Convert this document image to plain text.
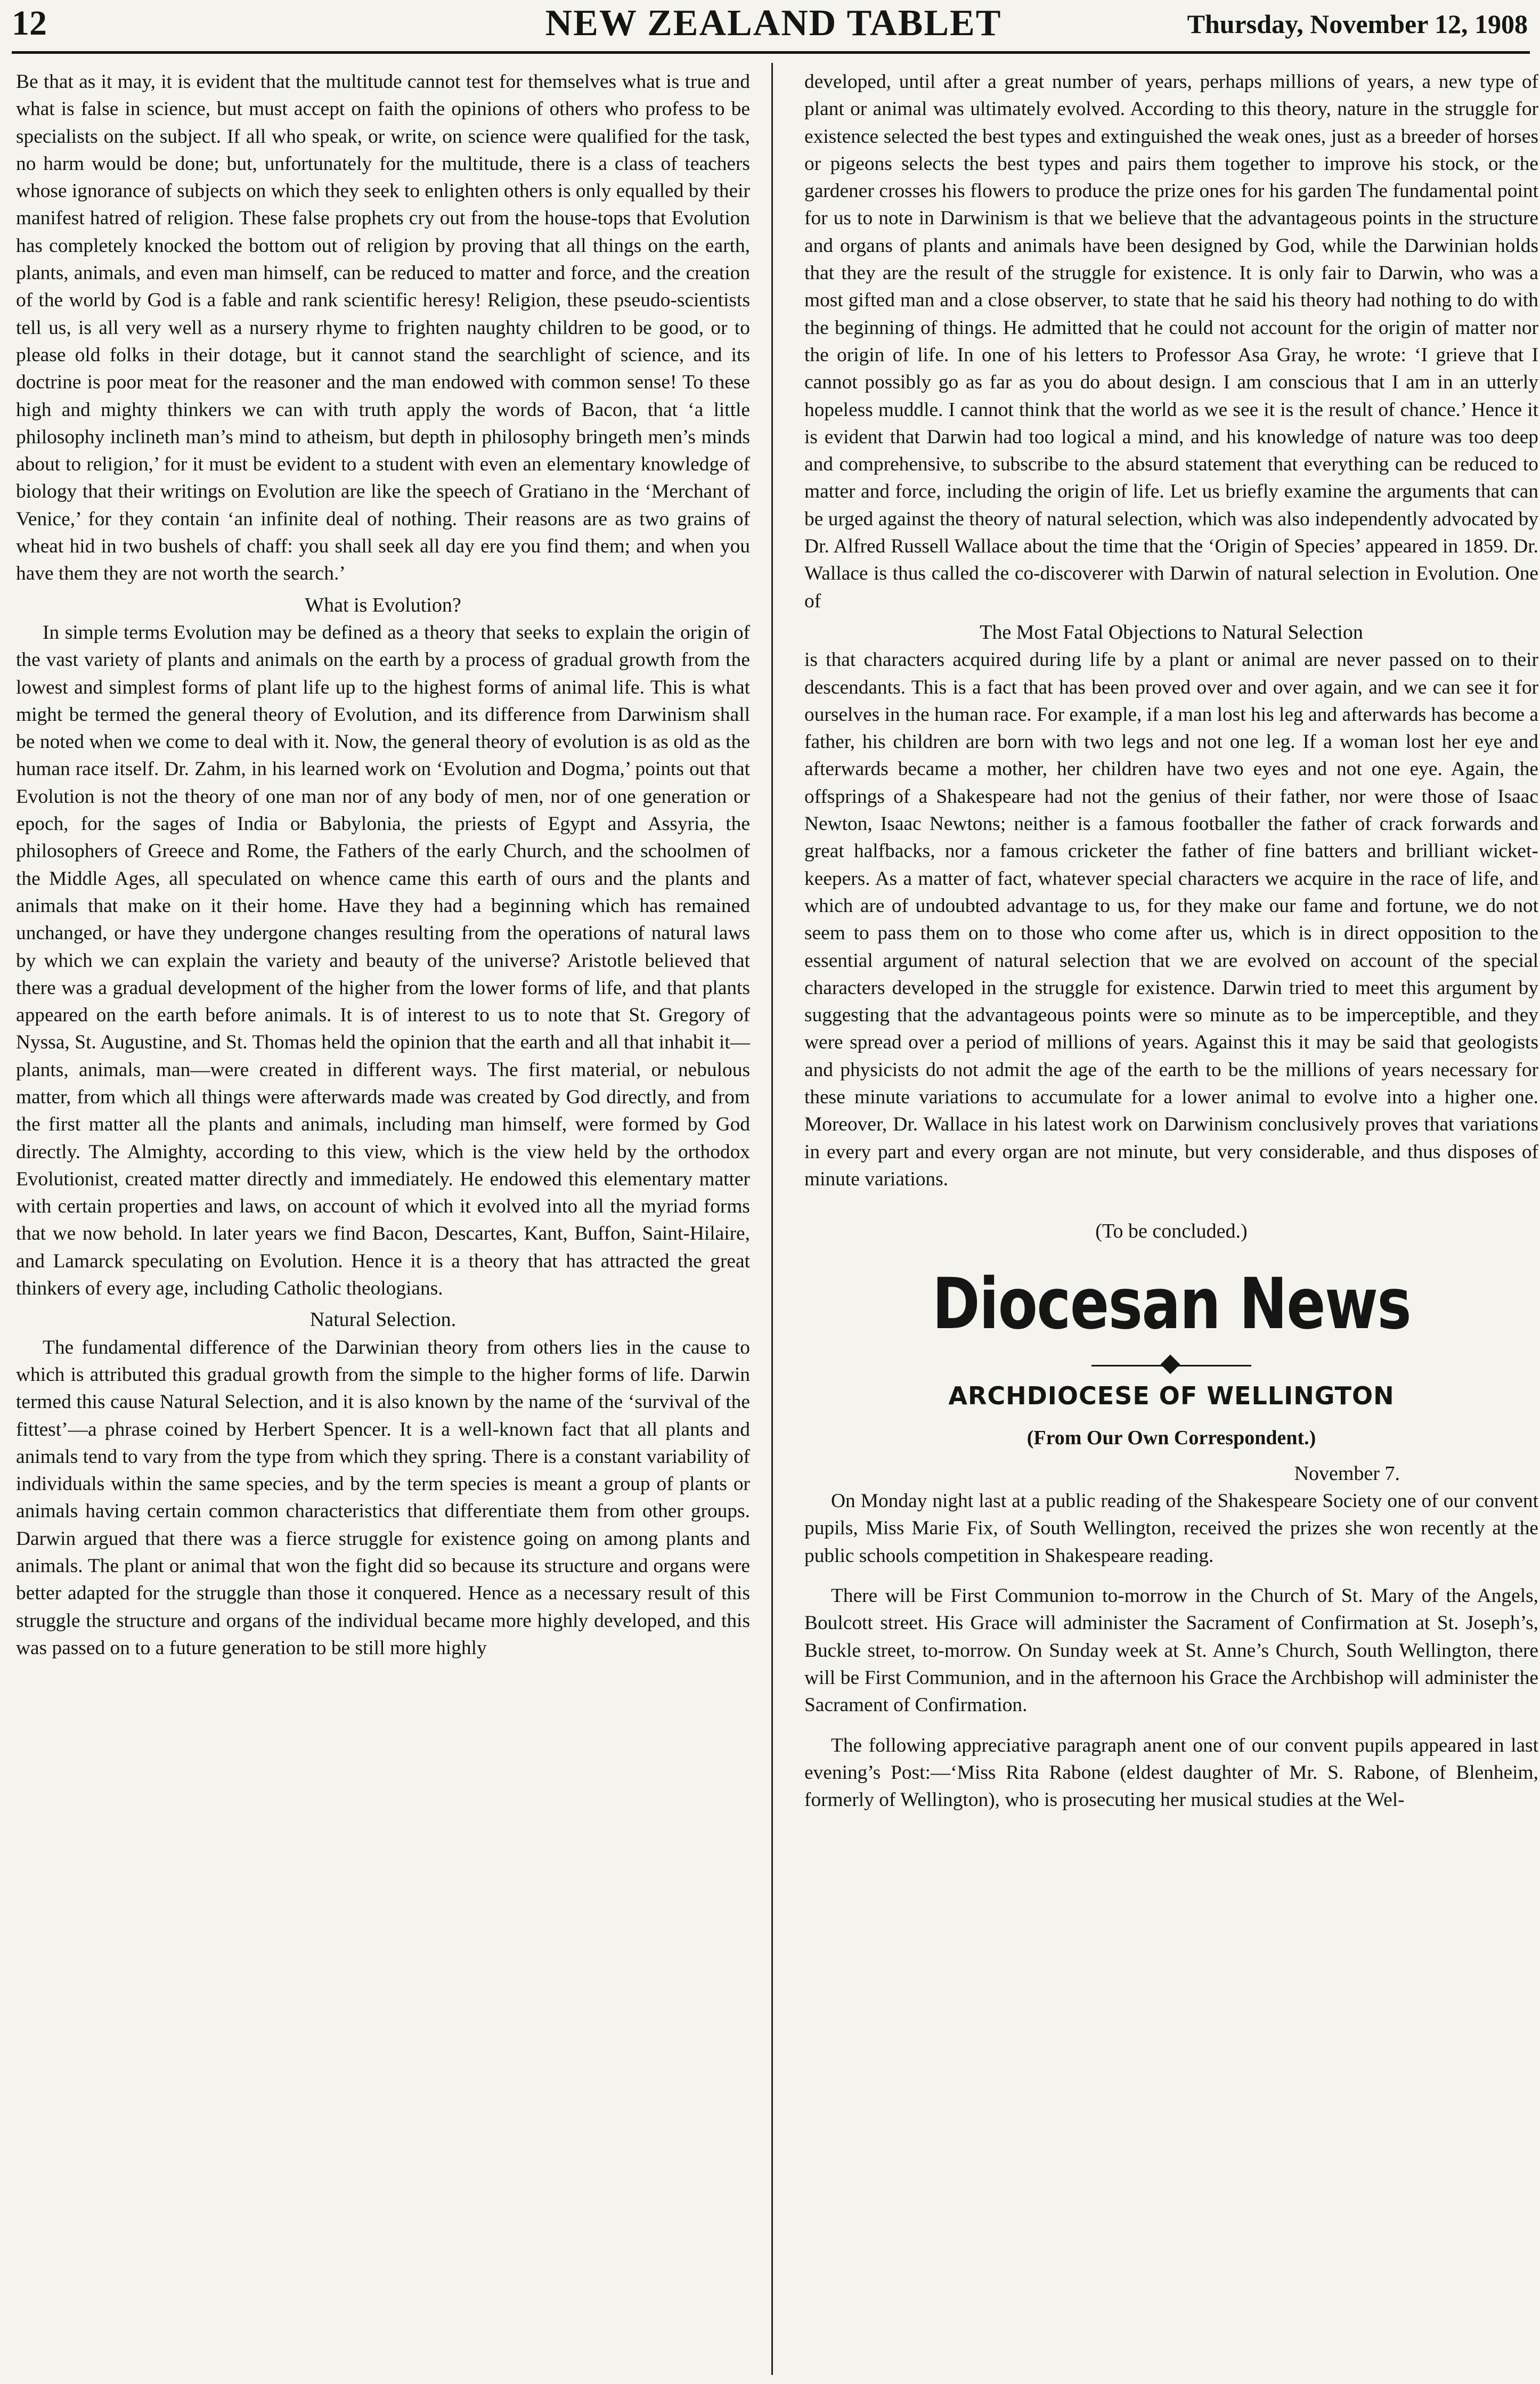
12	NEW ZEALAND TABLET	Thursday, November 12, 1908

Be that as it may, it is evident that the multitude cannot test for themselves what is true and what is false in science, but must accept on faith the opinions of others who profess to be specialists on the subject. If all who speak, or write, on science were qualified for the task, no harm would be done; but, unfortunately for the multitude, there is a class of teachers whose ignorance of subjects on which they seek to enlighten others is only equalled by their manifest hatred of religion. These false prophets cry out from the house-tops that Evolution has completely knocked the bottom out of religion by proving that all things on the earth, plants, animals, and even man himself, can be reduced to matter and force, and the creation of the world by God is a fable and rank scientific heresy! Religion, these pseudo-scientists tell us, is all very well as a nursery rhyme to frighten naughty children to be good, or to please old folks in their dotage, but it cannot stand the searchlight of science, and its doctrine is poor meat for the reasoner and the man endowed with common sense! To these high and mighty thinkers we can with truth apply the words of Bacon, that ‘a little philosophy inclineth man’s mind to atheism, but depth in philosophy bringeth men’s minds about to religion,’ for it must be evident to a student with even an elementary knowledge of biology that their writings on Evolution are like the speech of Gratiano in the ‘Merchant of Venice,’ for they contain ‘an infinite deal of nothing. Their reasons are as two grains of wheat hid in two bushels of chaff: you shall seek all day ere you find them; and when you have them they are not worth the search.’

What is Evolution?

In simple terms Evolution may be defined as a theory that seeks to explain the origin of the vast variety of plants and animals on the earth by a process of gradual growth from the lowest and simplest forms of plant life up to the highest forms of animal life. This is what might be termed the general theory of Evolution, and its difference from Darwinism shall be noted when we come to deal with it. Now, the general theory of evolution is as old as the human race itself. Dr. Zahm, in his learned work on ‘Evolution and Dogma,’ points out that Evolution is not the theory of one man nor of any body of men, nor of one generation or epoch, for the sages of India or Babylonia, the priests of Egypt and Assyria, the philosophers of Greece and Rome, the Fathers of the early Church, and the schoolmen of the Middle Ages, all speculated on whence came this earth of ours and the plants and animals that make on it their home. Have they had a beginning which has remained unchanged, or have they undergone changes resulting from the operations of natural laws by which we can explain the variety and beauty of the universe? Aristotle believed that there was a gradual development of the higher from the lower forms of life, and that plants appeared on the earth before animals. It is of interest to us to note that St. Gregory of Nyssa, St. Augustine, and St. Thomas held the opinion that the earth and all that inhabit it—plants, animals, man—were created in different ways. The first material, or nebulous matter, from which all things were afterwards made was created by God directly, and from the first matter all the plants and animals, including man himself, were formed by God directly. The Almighty, according to this view, which is the view held by the orthodox Evolutionist, created matter directly and immediately. He endowed this elementary matter with certain properties and laws, on account of which it evolved into all the myriad forms that we now behold. In later years we find Bacon, Descartes, Kant, Buffon, Saint-Hilaire, and Lamarck speculating on Evolution. Hence it is a theory that has attracted the great thinkers of every age, including Catholic theologians.

Natural Selection.

The fundamental difference of the Darwinian theory from others lies in the cause to which is attributed this gradual growth from the simple to the higher forms of life. Darwin termed this cause Natural Selection, and it is also known by the name of the ‘survival of the fittest’—a phrase coined by Herbert Spencer. It is a well-known fact that all plants and animals tend to vary from the type from which they spring. There is a constant variability of individuals within the same species, and by the term species is meant a group of plants or animals having certain common characteristics that differentiate them from other groups. Darwin argued that there was a fierce struggle for existence going on among plants and animals. The plant or animal that won the fight did so because its structure and organs were better adapted for the struggle than those it conquered. Hence as a necessary result of this struggle the structure and organs of the individual became more highly developed, and this was passed on to a future generation to be still more highly

developed, until after a great number of years, perhaps millions of years, a new type of plant or animal was ultimately evolved. According to this theory, nature in the struggle for existence selected the best types and extinguished the weak ones, just as a breeder of horses or pigeons selects the best types and pairs them together to improve his stock, or the gardener crosses his flowers to produce the prize ones for his garden The fundamental point for us to note in Darwinism is that we believe that the advantageous points in the structure and organs of plants and animals have been designed by God, while the Darwinian holds that they are the result of the struggle for existence. It is only fair to Darwin, who was a most gifted man and a close observer, to state that he said his theory had nothing to do with the beginning of things. He admitted that he could not account for the origin of matter nor the origin of life. In one of his letters to Professor Asa Gray, he wrote: ‘I grieve that I cannot possibly go as far as you do about design. I am conscious that I am in an utterly hopeless muddle. I cannot think that the world as we see it is the result of chance.’ Hence it is evident that Darwin had too logical a mind, and his knowledge of nature was too deep and comprehensive, to subscribe to the absurd statement that everything can be reduced to matter and force, including the origin of life. Let us briefly examine the arguments that can be urged against the theory of natural selection, which was also independently advocated by Dr. Alfred Russell Wallace about the time that the ‘Origin of Species’ appeared in 1859. Dr. Wallace is thus called the co-discoverer with Darwin of natural selection in Evolution. One of

The Most Fatal Objections to Natural Selection

is that characters acquired during life by a plant or animal are never passed on to their descendants. This is a fact that has been proved over and over again, and we can see it for ourselves in the human race. For example, if a man lost his leg and afterwards has become a father, his children are born with two legs and not one leg. If a woman lost her eye and afterwards became a mother, her children have two eyes and not one eye. Again, the offsprings of a Shakespeare had not the genius of their father, nor were those of Isaac Newton, Isaac Newtons; neither is a famous footballer the father of crack forwards and great halfbacks, nor a famous cricketer the father of fine batters and brilliant wicket-keepers. As a matter of fact, whatever special characters we acquire in the race of life, and which are of undoubted advantage to us, for they make our fame and fortune, we do not seem to pass them on to those who come after us, which is in direct opposition to the essential argument of natural selection that we are evolved on account of the special characters developed in the struggle for existence. Darwin tried to meet this argument by suggesting that the advantageous points were so minute as to be imperceptible, and they were spread over a period of millions of years. Against this it may be said that geologists and physicists do not admit the age of the earth to be the millions of years necessary for these minute variations to accumulate for a lower animal to evolve into a higher one. Moreover, Dr. Wallace in his latest work on Darwinism conclusively proves that variations in every part and every organ are not minute, but very considerable, and thus disposes of minute variations.

(To be concluded.)
Diocesan News
ARCHDIOCESE OF WELLINGTON
(From Our Own Correspondent.)
November 7.

On Monday night last at a public reading of the Shakespeare Society one of our convent pupils, Miss Marie Fix, of South Wellington, received the prizes she won recently at the public schools competition in Shakespeare reading.

There will be First Communion to-morrow in the Church of St. Mary of the Angels, Boulcott street. His Grace will administer the Sacrament of Confirmation at St. Joseph’s, Buckle street, to-morrow. On Sunday week at St. Anne’s Church, South Wellington, there will be First Communion, and in the afternoon his Grace the Archbishop will administer the Sacrament of Confirmation.

The following appreciative paragraph anent one of our convent pupils appeared in last evening’s Post:—‘Miss Rita Rabone (eldest daughter of Mr. S. Rabone, of Blenheim, formerly of Wellington), who is prosecuting her musical studies at the Wel-
